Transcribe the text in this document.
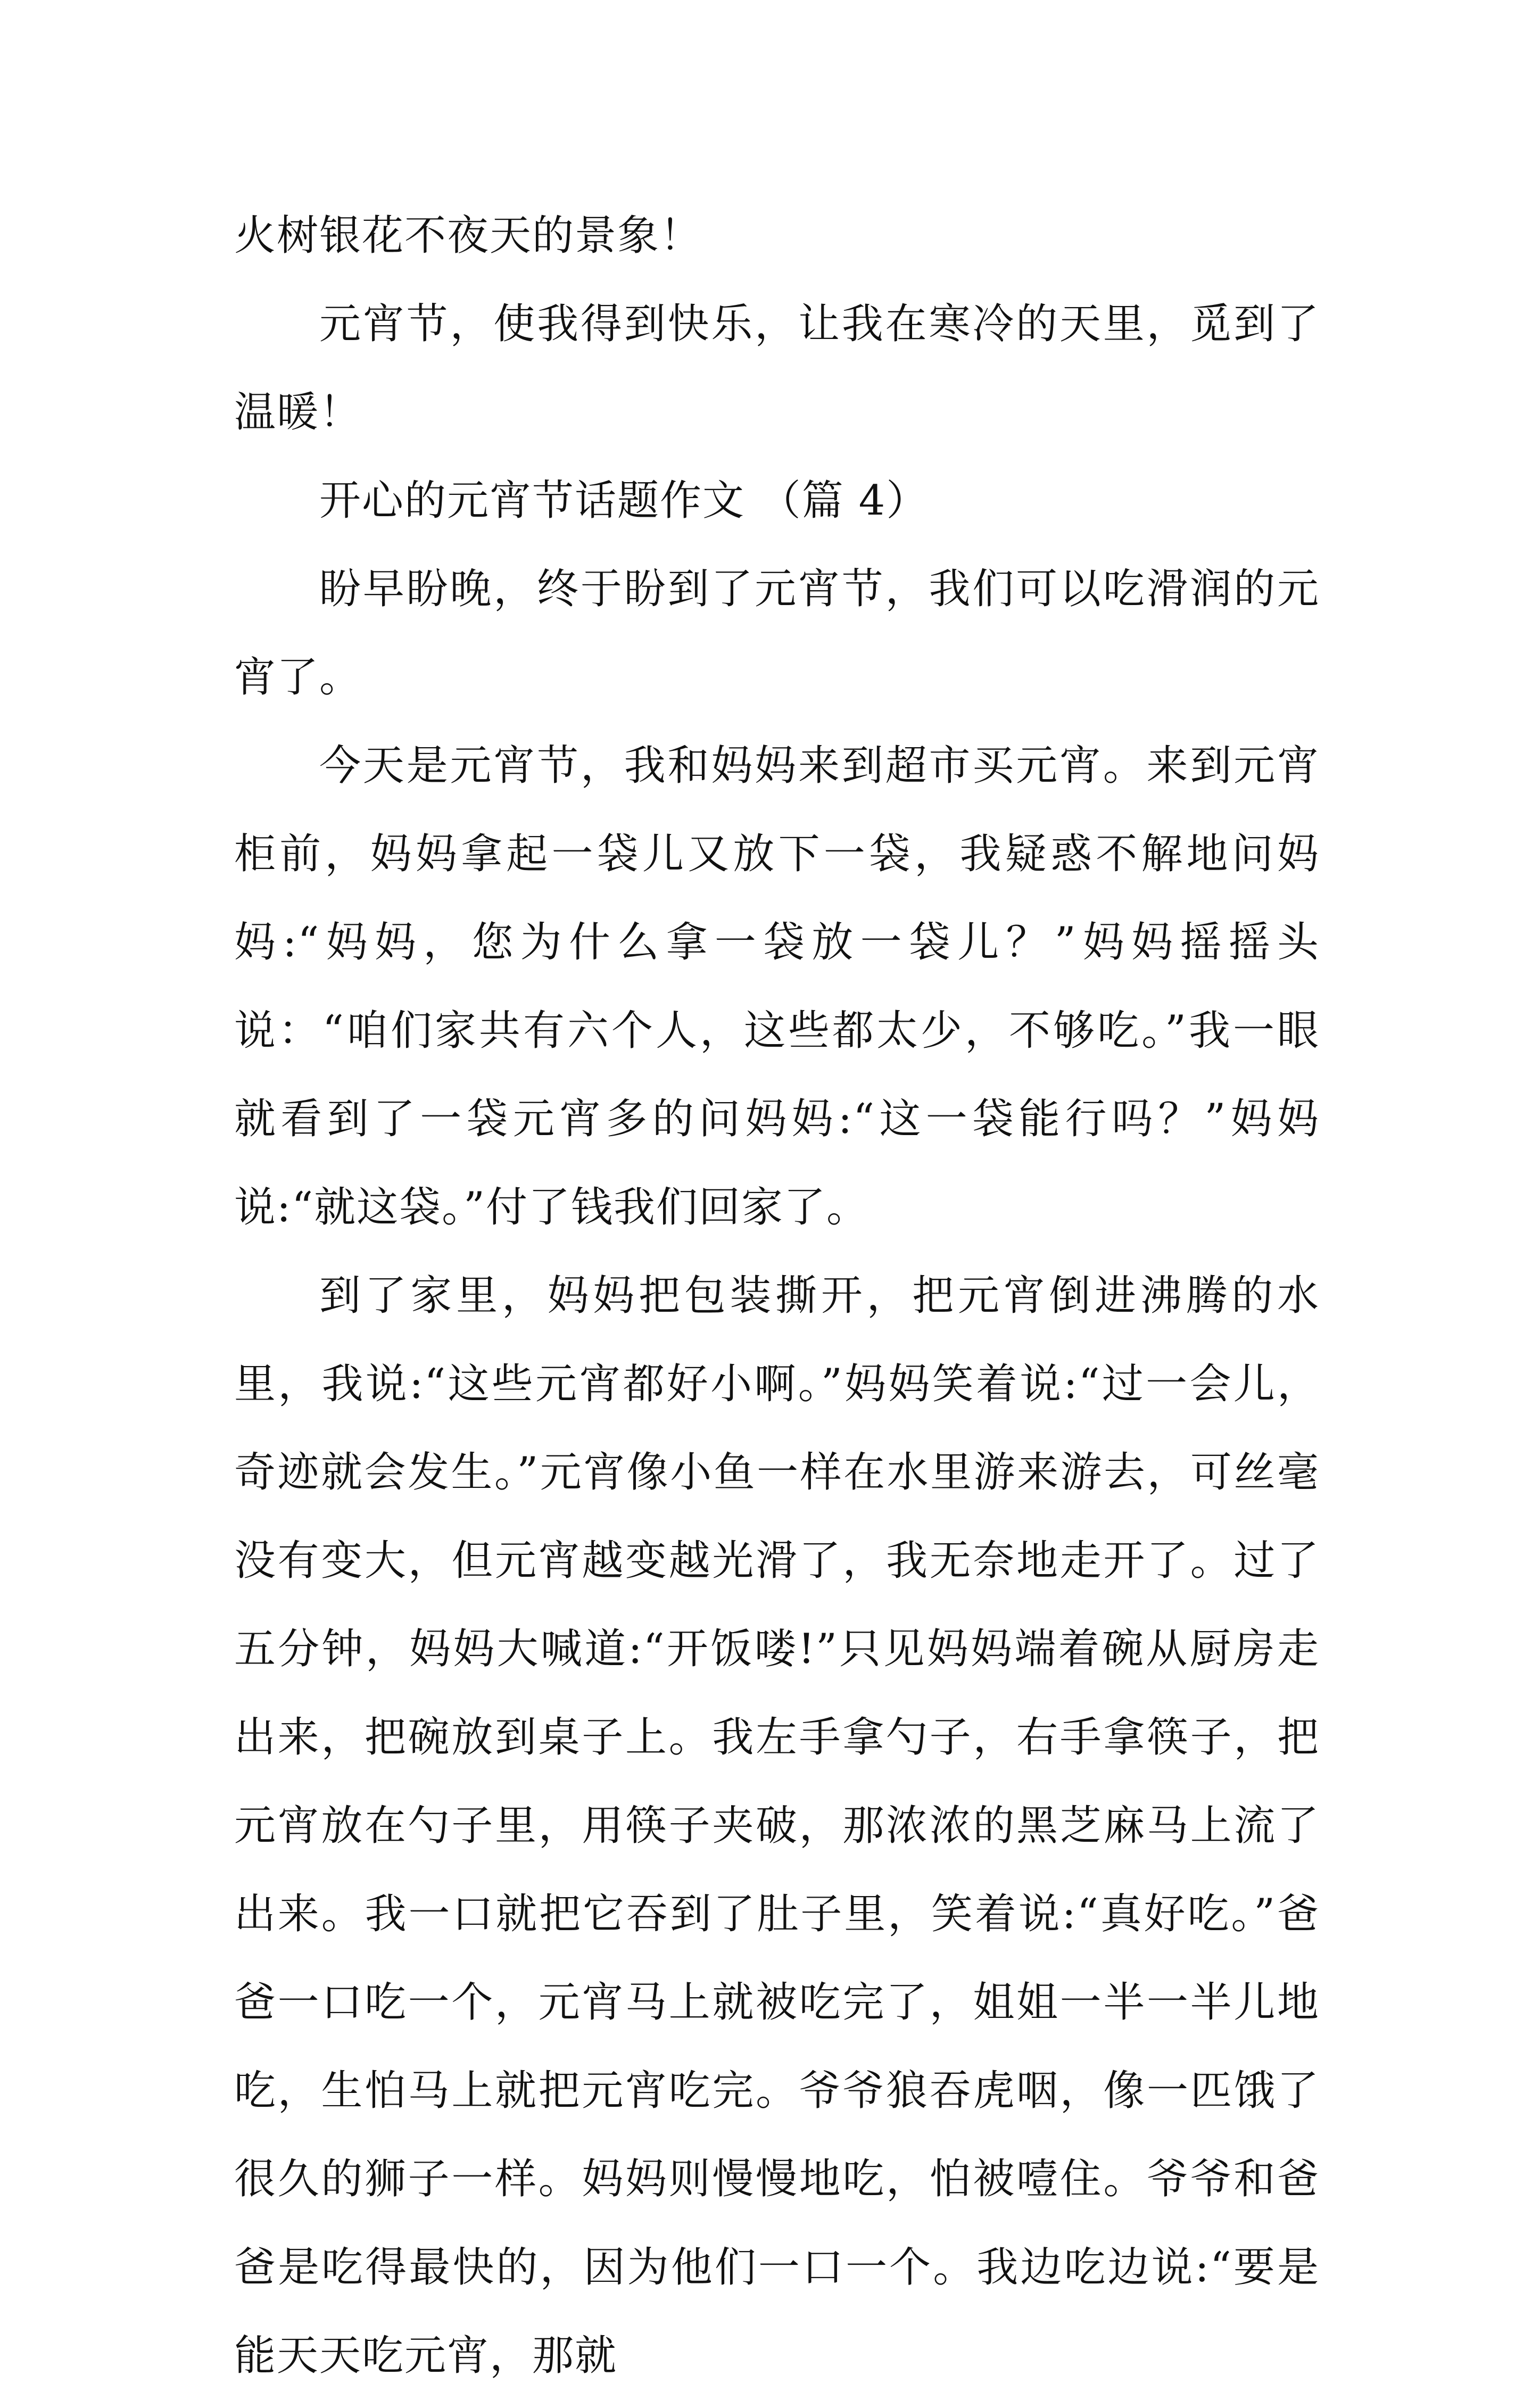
火树银花不夜天的景象！

元宵节，使我得到快乐，让我在寒冷的天里，觅到了温暖！

开心的元宵节话题作文 （篇 4）

盼早盼晚，终于盼到了元宵节，我们可以吃滑润的元宵了。

今天是元宵节，我和妈妈来到超市买元宵。来到元宵柜前，妈妈拿起一袋儿又放下一袋，我疑惑不解地问妈妈:“妈妈，您为什么拿一袋放一袋儿？”妈妈摇摇头说：“咱们家共有六个人，这些都太少，不够吃。”我一眼就看到了一袋元宵多的问妈妈:“这一袋能行吗？”妈妈说:“就这袋。”付了钱我们回家了。

到了家里，妈妈把包装撕开，把元宵倒进沸腾的水里，我说:“这些元宵都好小啊。”妈妈笑着说:“过一会儿，奇迹就会发生。”元宵像小鱼一样在水里游来游去，可丝毫没有变大，但元宵越变越光滑了，我无奈地走开了。过了五分钟，妈妈大喊道:“开饭喽!”只见妈妈端着碗从厨房走出来，把碗放到桌子上。我左手拿勺子，右手拿筷子，把元宵放在勺子里，用筷子夹破，那浓浓的黑芝麻马上流了出来。我一口就把它吞到了肚子里，笑着说:“真好吃。”爸爸一口吃一个，元宵马上就被吃完了，姐姐一半一半儿地吃，生怕马上就把元宵吃完。爷爷狼吞虎咽，像一匹饿了很久的狮子一样。妈妈则慢慢地吃，怕被噎住。爷爷和爸爸是吃得最快的，因为他们一口一个。我边吃边说:“要是能天天吃元宵，那就
